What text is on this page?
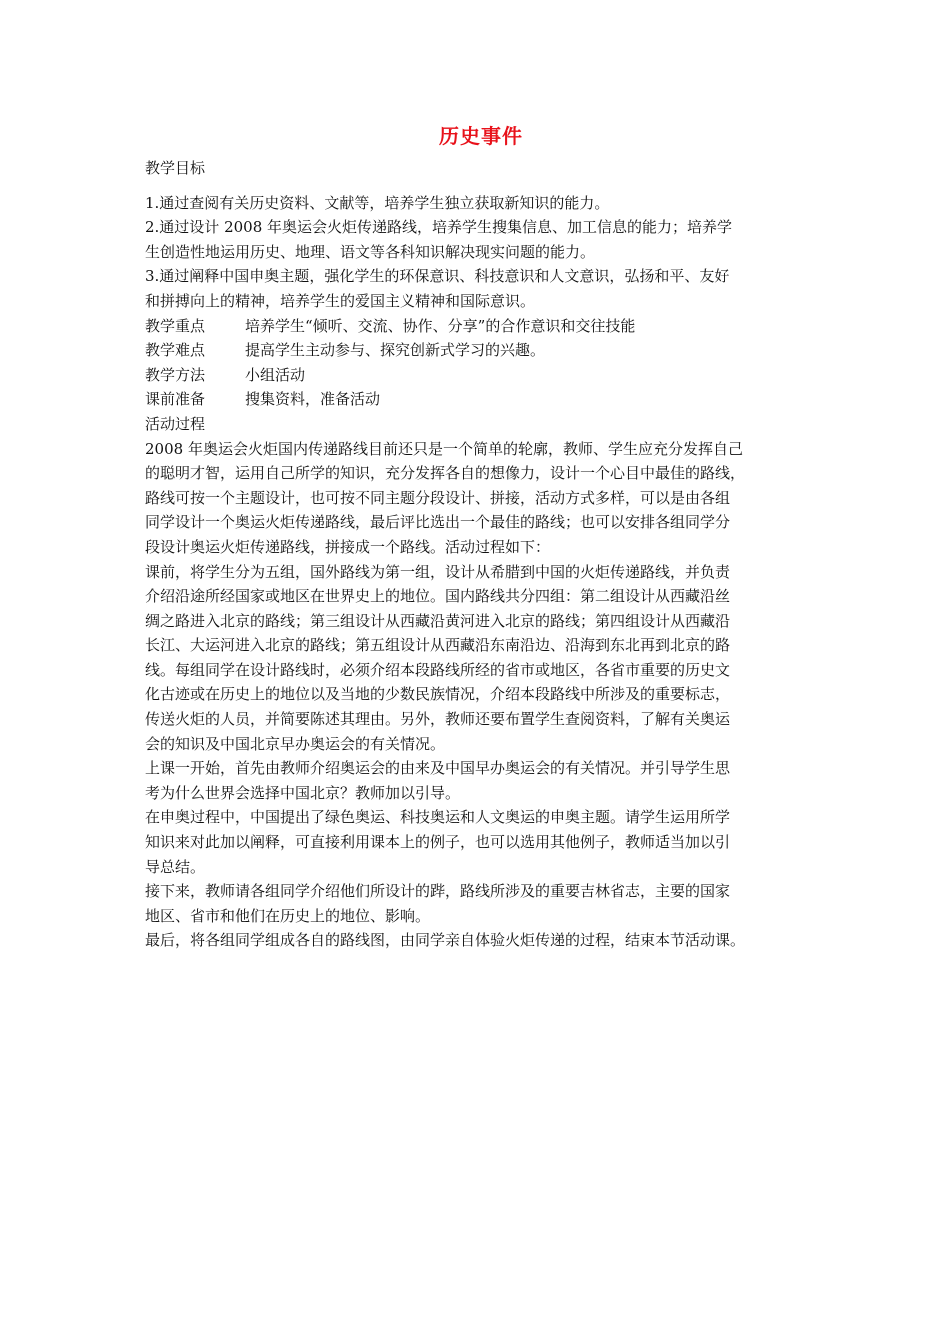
历史事件
教学目标
1.通过查阅有关历史资料、文献等，培养学生独立获取新知识的能力。
2.通过设计 2008 年奥运会火炬传递路线，培养学生搜集信息、加工信息的能力；培养学
生创造性地运用历史、地理、语文等各科知识解决现实问题的能力。
3.通过阐释中国申奥主题，强化学生的环保意识、科技意识和人文意识，弘扬和平、友好
和拼搏向上的精神，培养学生的爱国主义精神和国际意识。
教学重点	培养学生“倾听、交流、协作、分享”的合作意识和交往技能
教学难点	提高学生主动参与、探究创新式学习的兴趣。
教学方法	小组活动
课前准备	搜集资料，准备活动
活动过程
2008 年奥运会火炬国内传递路线目前还只是一个简单的轮廓，教师、学生应充分发挥自己
的聪明才智，运用自己所学的知识，充分发挥各自的想像力，设计一个心目中最佳的路线，
路线可按一个主题设计，也可按不同主题分段设计、拼接，活动方式多样，可以是由各组
同学设计一个奥运火炬传递路线，最后评比选出一个最佳的路线；也可以安排各组同学分
段设计奥运火炬传递路线，拼接成一个路线。活动过程如下：
课前，将学生分为五组，国外路线为第一组，设计从希腊到中国的火炬传递路线，并负责
介绍沿途所经国家或地区在世界史上的地位。国内路线共分四组：第二组设计从西藏沿丝
绸之路进入北京的路线；第三组设计从西藏沿黄河进入北京的路线；第四组设计从西藏沿
长江、大运河进入北京的路线；第五组设计从西藏沿东南沿边、沿海到东北再到北京的路
线。每组同学在设计路线时，必须介绍本段路线所经的省市或地区，各省市重要的历史文
化古迹或在历史上的地位以及当地的少数民族情况，介绍本段路线中所涉及的重要标志，
传送火炬的人员，并简要陈述其理由。另外，教师还要布置学生查阅资料，了解有关奥运
会的知识及中国北京早办奥运会的有关情况。
上课一开始，首先由教师介绍奥运会的由来及中国早办奥运会的有关情况。并引导学生思
考为什么世界会选择中国北京？教师加以引导。
在申奥过程中，中国提出了绿色奥运、科技奥运和人文奥运的申奥主题。请学生运用所学
知识来对此加以阐释，可直接利用课本上的例子，也可以选用其他例子，教师适当加以引
导总结。
接下来，教师请各组同学介绍他们所设计的跸，路线所涉及的重要吉林省志，主要的国家
地区、省市和他们在历史上的地位、影响。
最后，将各组同学组成各自的路线图，由同学亲自体验火炬传递的过程，结束本节活动课。
